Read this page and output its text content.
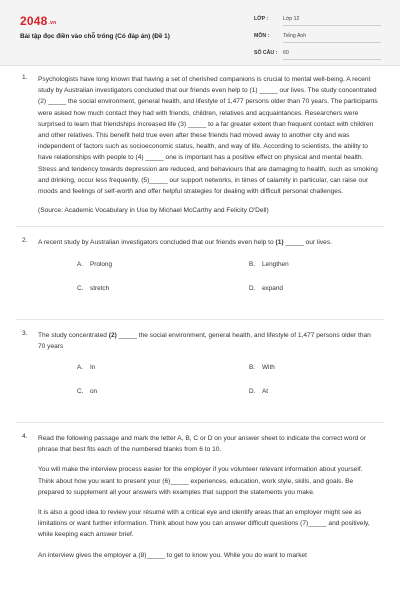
$2048^{.vn}$
Bài tập đọc điền vào chỗ trống (Có đáp án) (Đề 1)
LỚP :	Lớp 12
MÔN :	Tiếng Anh
SỐ CÂU : 60
1. Psychologists have long known that having a set of cherished companions is crucial to mental well-being. A recent study by Australian investigators concluded that our friends even help to (1) _____ our lives. The study concentrated (2) _____ the social environment, general health, and lifestyle of 1,477 persons older than 70 years. The participants were asked how much contact they had with friends, children, relatives and acquaintances. Researchers were surprised to learn that friendships increased life (3) _____ to a far greater extent than frequent contact with children and other relatives. This benefit held true even after these friends had moved away to another city and was independent of factors such as socioeconomic status, health, and way of life. According to scientists, the ability to have relationships with people to (4) _____ one is important has a positive effect on physical and mental health. Stress and tendency towards depression are reduced, and behaviours that are damaging to health, such as smoking and drinking, occur less frequently. (5)_____ our support networks, in times of calamity in particular, can raise our moods and feelings of self-worth and offer helpful strategies for dealing with difficult personal challenges.
(Source: Academic Vocabulary in Use by Michael McCarthy and Felicity O'Dell)
2. A recent study by Australian investigators concluded that our friends even help to (1) _____ our lives.
A. Prolong	B. Lengthen
C. stretch	D. expand
3. The study concentrated (2) _____ the social environment, general health, and lifestyle of 1,477 persons older than 70 years
A. In	B. With
C. on	D. At
4. Read the following passage and mark the letter A, B, C or D on your answer sheet to indicate the correct word or phrase that best fits each of the numbered blanks from 6 to 10.
You will make the interview process easier for the employer if you volunteer relevant information about yourself. Think about how you want to present your (6)_____ experiences, education, work style, skills, and goals. Be prepared to supplement all your answers with examples that support the statements you make.
It is also a good idea to review your résumé with a critical eye and identify areas that an employer might see as limitations or want further information. Think about how you can answer difficult questions (7)_____ and positively, while keeping each answer brief.
An interview gives the employer a (8)_____ to get to know you. While you do want to market
